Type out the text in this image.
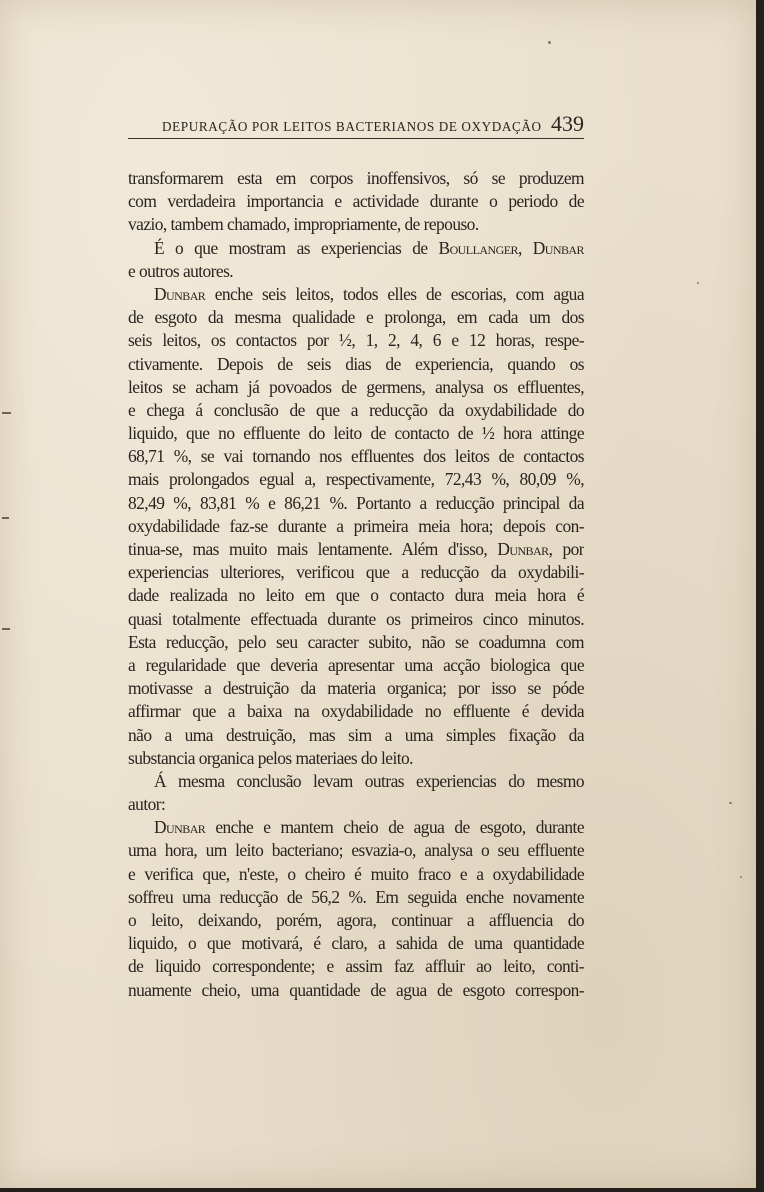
DEPURAÇÃO POR LEITOS BACTERIANOS DE OXYDAÇÃO 439
transformarem esta em corpos inoffensivos, só se produzem
com verdadeira importancia e actividade durante o periodo de
vazio, tambem chamado, impropriamente, de repouso.
É o que mostram as experiencias de Boullanger, Dunbar
e outros autores.
Dunbar enche seis leitos, todos elles de escorias, com agua
de esgoto da mesma qualidade e prolonga, em cada um dos
seis leitos, os contactos por ½, 1, 2, 4, 6 e 12 horas, respe-
ctivamente. Depois de seis dias de experiencia, quando os
leitos se acham já povoados de germens, analysa os effluentes,
e chega á conclusão de que a reducção da oxydabilidade do
liquido, que no effluente do leito de contacto de ½ hora attinge
68,71 %, se vai tornando nos effluentes dos leitos de contactos
mais prolongados egual a, respectivamente, 72,43 %, 80,09 %,
82,49 %, 83,81 % e 86,21 %. Portanto a reducção principal da
oxydabilidade faz-se durante a primeira meia hora; depois con-
tinua-se, mas muito mais lentamente. Além d'isso, Dunbar, por
experiencias ulteriores, verificou que a reducção da oxydabili-
dade realizada no leito em que o contacto dura meia hora é
quasi totalmente effectuada durante os primeiros cinco minutos.
Esta reducção, pelo seu caracter subito, não se coadumna com
a regularidade que deveria apresentar uma acção biologica que
motivasse a destruição da materia organica; por isso se póde
affirmar que a baixa na oxydabilidade no effluente é devida
não a uma destruição, mas sim a uma simples fixação da
substancia organica pelos materiaes do leito.
Á mesma conclusão levam outras experiencias do mesmo
autor:
Dunbar enche e mantem cheio de agua de esgoto, durante
uma hora, um leito bacteriano; esvazia-o, analysa o seu effluente
e verifica que, n'este, o cheiro é muito fraco e a oxydabilidade
soffreu uma reducção de 56,2 %. Em seguida enche novamente
o leito, deixando, porém, agora, continuar a affluencia do
liquido, o que motivará, é claro, a sahida de uma quantidade
de liquido correspondente; e assim faz affluir ao leito, conti-
nuamente cheio, uma quantidade de agua de esgoto correspon-
